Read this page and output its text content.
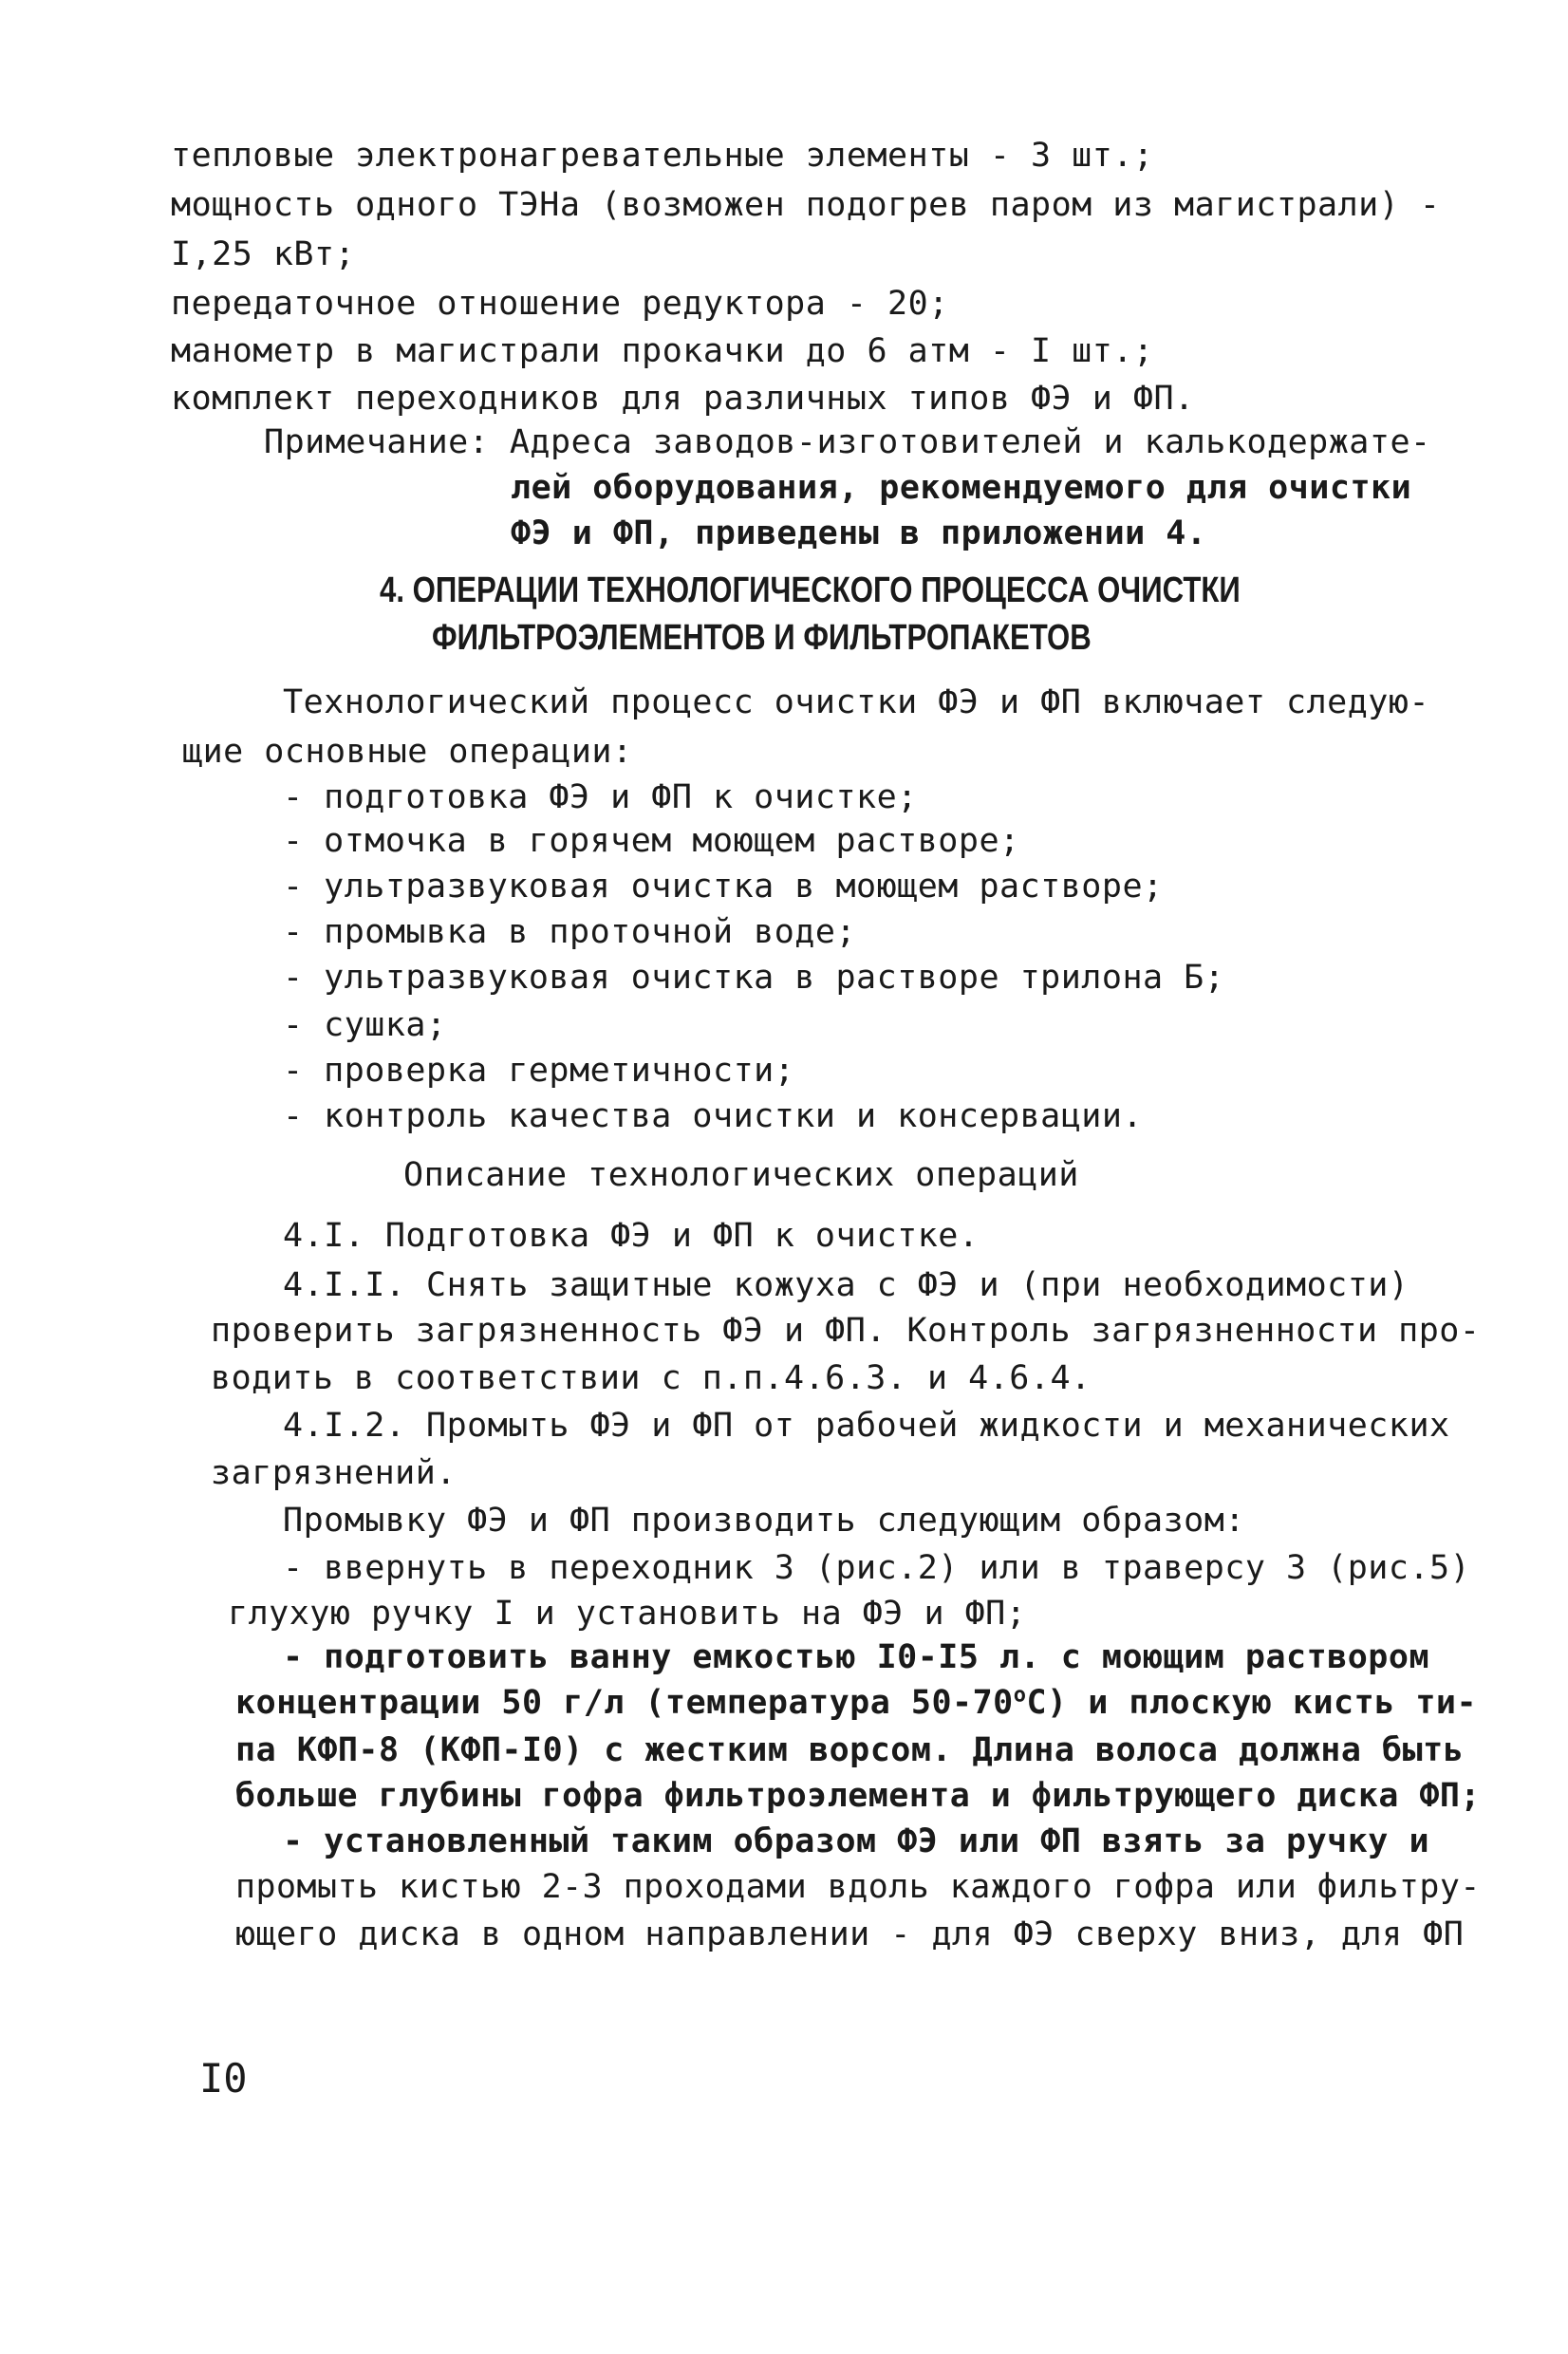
тепловые электронагревательные элементы - 3 шт.;
мощность одного ТЭНа (возможен подогрев паром из магистрали) -
I,25 кВт;
передаточное отношение редуктора - 20;
манометр в магистрали прокачки до 6 атм - I шт.;
комплект переходников для различных типов ФЭ и ФП.
Примечание: Адреса заводов-изготовителей и калькодержате-
лей оборудования, рекомендуемого для очистки
ФЭ и ФП, приведены в приложении 4.
4. ОПЕРАЦИИ ТЕХНОЛОГИЧЕСКОГО ПРОЦЕССА ОЧИСТКИ
ФИЛЬТРОЭЛЕМЕНТОВ И ФИЛЬТРОПАКЕТОВ
Технологический процесс очистки ФЭ и ФП включает следую-
щие основные операции:
- подготовка ФЭ и ФП к очистке;
- отмочка в горячем моющем растворе;
- ультразвуковая очистка в моющем растворе;
- промывка в проточной воде;
- ультразвуковая очистка в растворе трилона Б;
- сушка;
- проверка герметичности;
- контроль качества очистки и консервации.
Описание технологических операций
4.I. Подготовка ФЭ и ФП к очистке.
4.I.I. Снять защитные кожуха с ФЭ и (при необходимости)
проверить загрязненность ФЭ и ФП. Контроль загрязненности про-
водить в соответствии с п.п.4.6.3. и 4.6.4.
4.I.2. Промыть ФЭ и ФП от рабочей жидкости и механических
загрязнений.
Промывку ФЭ и ФП производить следующим образом:
- ввернуть в переходник 3 (рис.2) или в траверсу 3 (рис.5)
глухую ручку I и установить на ФЭ и ФП;
- подготовить ванну емкостью I0-I5 л. с моющим раствором
концентрации 50 г/л (температура $50-70^оС$) и плоскую кисть ти-
па КФП-8 (КФП-I0) с жестким ворсом. Длина волоса должна быть
больше глубины гофра фильтроэлемента и фильтрующего диска ФП;
- установленный таким образом ФЭ или ФП взять за ручку и
промыть кистью 2-3 проходами вдоль каждого гофра или фильтру-
ющего диска в одном направлении - для ФЭ сверху вниз, для ФП
I0
